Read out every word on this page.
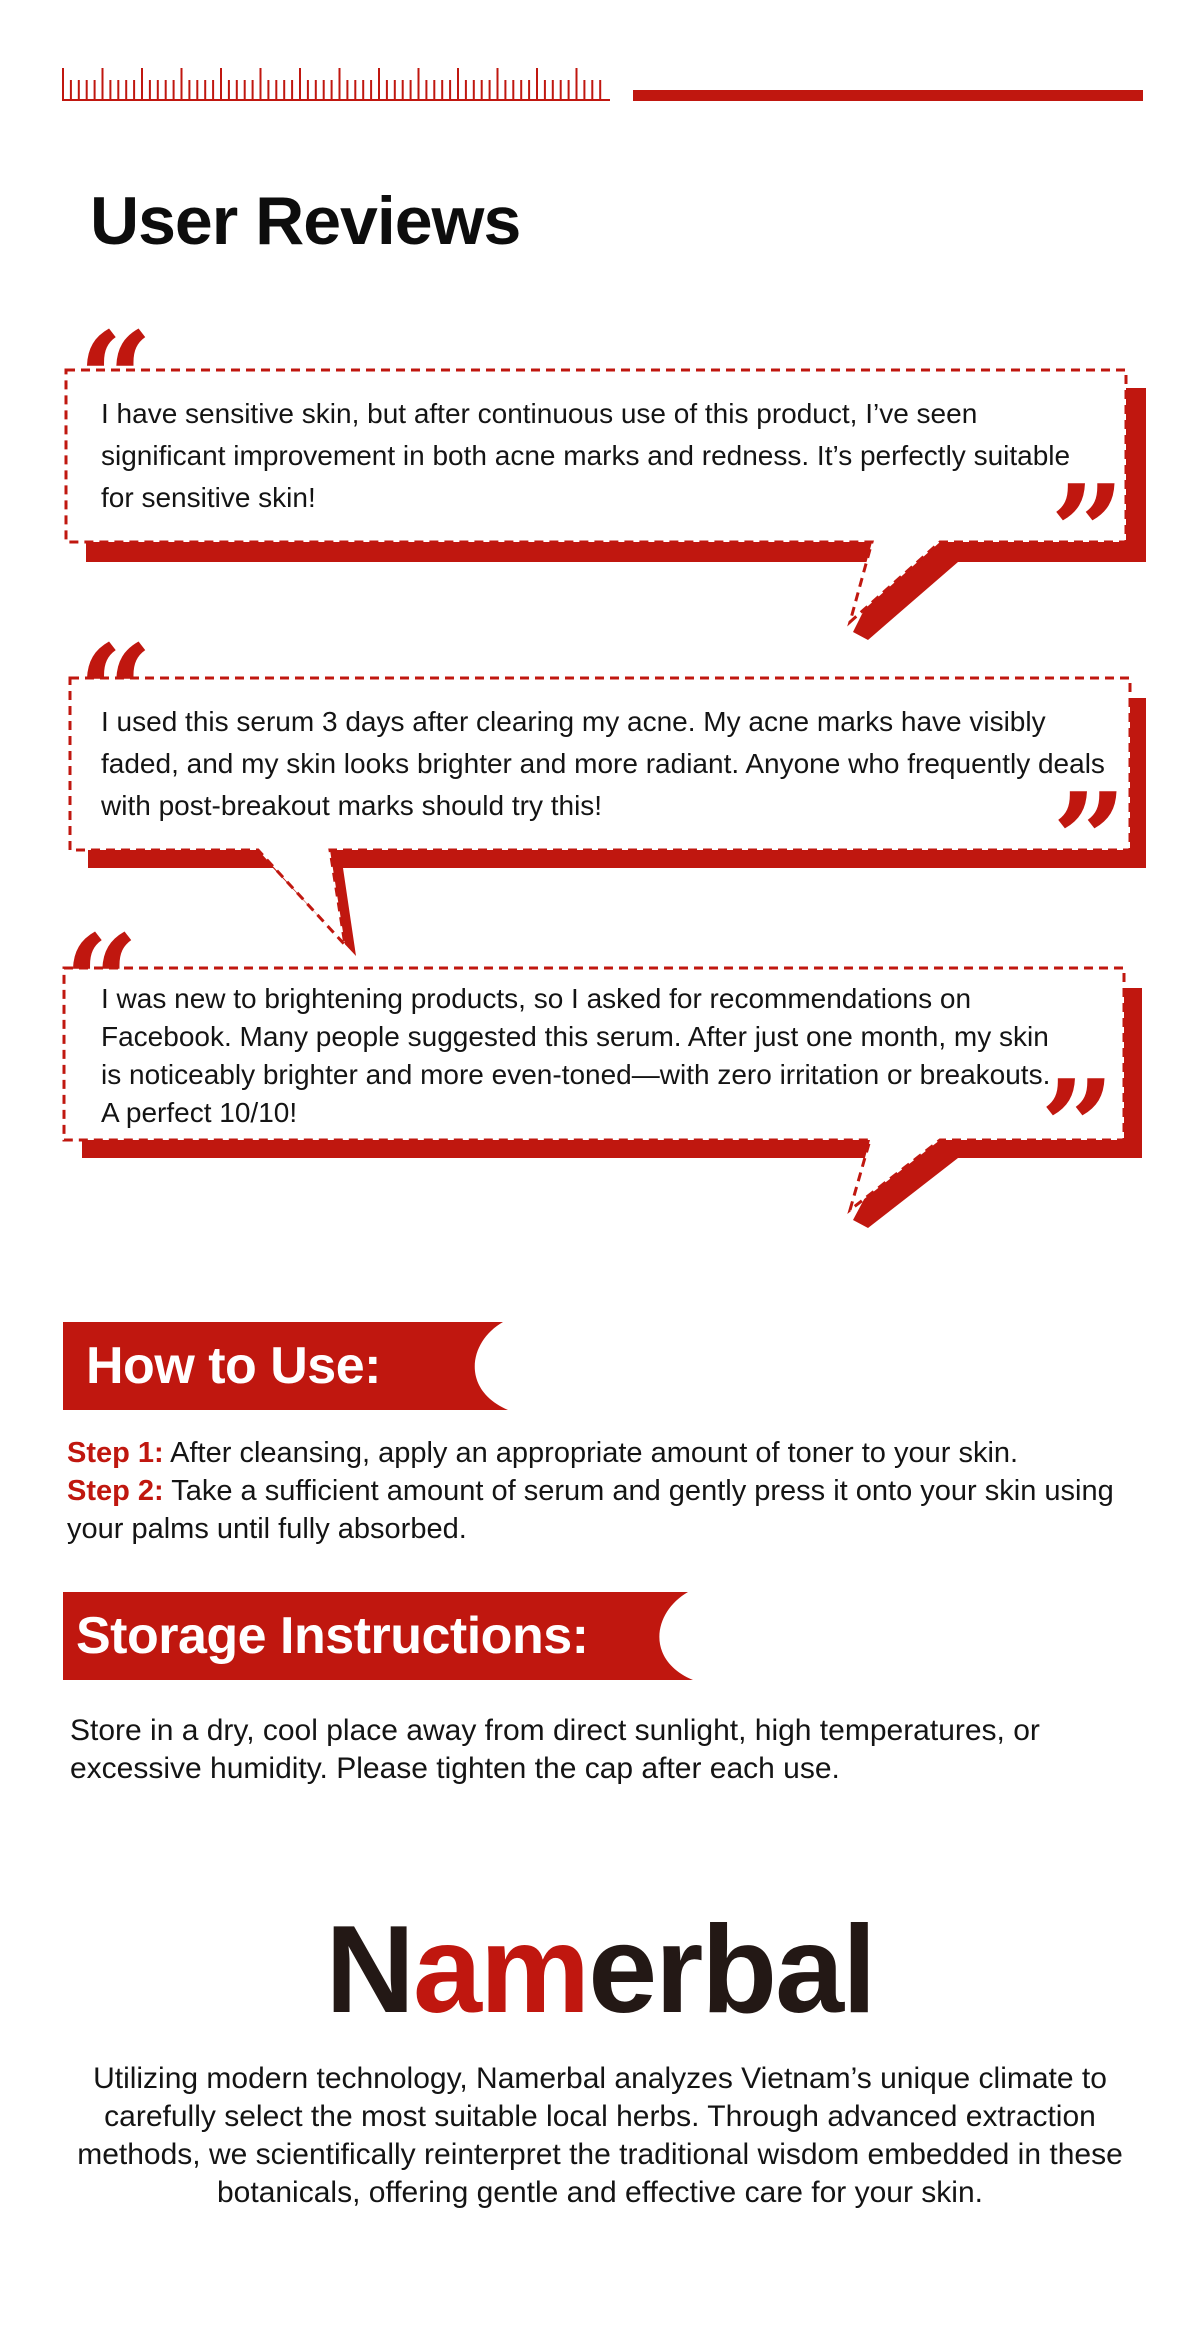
User Reviews
“

I have sensitive skin, but after continuous use of this product, I’ve seen significant improvement in both acne marks and redness. It’s perfectly suitable for sensitive skin!	”
“

I used this serum 3 days after clearing my acne. My acne marks have visibly faded, and my skin looks brighter and more radiant. Anyone who frequently deals with post-breakout marks should try this!	”
“

I was new to brightening products, so I asked for recommendations on Facebook. Many people suggested this serum. After just one month, my skin is noticeably brighter and more even-toned—with zero irritation or breakouts. A perfect 10/10!	”
How to Use:

Step 1: After cleansing, apply an appropriate amount of toner to your skin.

Step 2: Take a sufficient amount of serum and gently press it onto your skin using your palms until fully absorbed.

Storage Instructions:

Store in a dry, cool place away from direct sunlight, high temperatures, or excessive humidity. Please tighten the cap after each use.

Namerbal

Utilizing modern technology, Namerbal analyzes Vietnam’s unique climate to carefully select the most suitable local herbs. Through advanced extraction methods, we scientifically reinterpret the traditional wisdom embedded in these botanicals, offering gentle and effective care for your skin.
